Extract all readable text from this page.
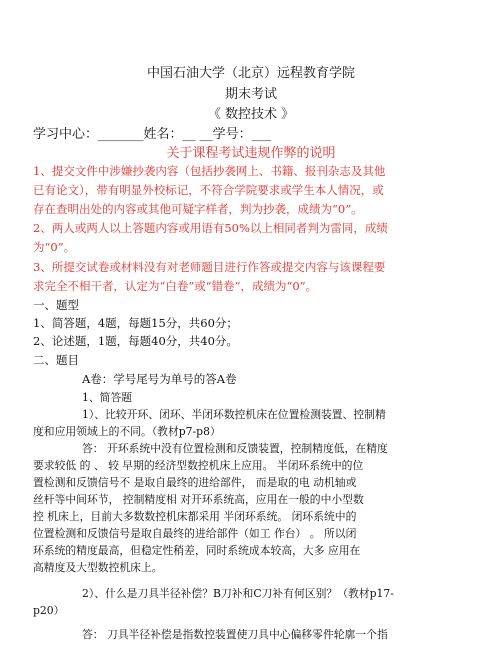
中国石油大学（北京）远程教育学院
期末考试
《 数控技术 》
学习中心：_______姓名：__ __学号：___
关于课程考试违规作弊的说明
1、提交文件中涉嫌抄袭内容（包括抄袭网上、书籍、报刊杂志及其他
已有论文），带有明显外校标记，不符合学院要求或学生本人情况，或
存在查明出处的内容或其他可疑字样者，判为抄袭，成绩为“0”。
2、两人或两人以上答题内容或用语有50%以上相同者判为雷同，成绩
为“0”。
3、所提交试卷或材料没有对老师题目进行作答或提交内容与该课程要
求完全不相干者，认定为“白卷”或“错卷”，成绩为“0”。
一、题型
1、简答题，4题，每题15分，共60分；
2、论述题，1题，每题40分，共40分。
二、题目
A卷：学号尾号为单号的答A卷
1、简答题
1）、比较开环、闭环、半闭环数控机床在位置检测装置、控制精
度和应用领域上的不同。（教材p7-p8）
答： 开环系统中没有位置检测和反馈装置，控制精度低，在精度
要求较低 的 、 较 早期的经济型数控机床上应用。 半闭环系统中的位
置检测和反馈信号不 是取自最终的进给部件， 而是取的电 动机轴或
丝杆等中间环节， 控制精度相 对开环系统高，应用在一般的中小型数
控 机床上，目前大多数数控机床都采用 半闭环系统。 闭环系统中的
位置检测和反馈信号是取自最终的进给部件（如工 作台） 。 所以闭
环系统的精度最高，但稳定性稍差，同时系统成本较高，大多 应用在
高精度及大型数控机床上。
2）、什么是刀具半径补偿？B刀补和C刀补有何区别？（教材p17-
p20）
答： 刀具半径补偿是指数控装置使刀具中心偏移零件轮廓一个指
